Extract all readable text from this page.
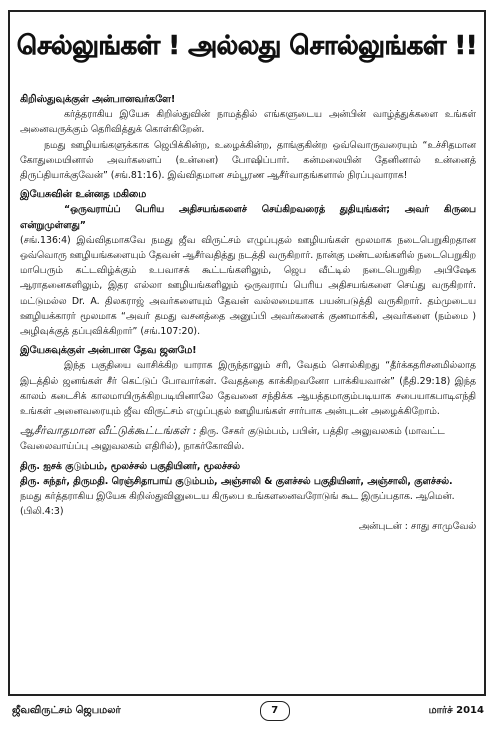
செல்லுங்கள் ! அல்லது சொல்லுங்கள் !!

கிறிஸ்துவுக்குள் அன்பானவர்களே!

கர்த்தராகிய இயேசு கிறிஸ்துவின் நாமத்தில் எங்களுடைய அன்பின் வாழ்த்துக்களை உங்கள் அனைவருக்கும் தெரிவித்துக் கொள்கிறேன்.

நமது ஊழியங்களுக்காக ஜெபிக்கின்ற, உழைக்கின்ற, தாங்குகின்ற ஒவ்வொருவரையும் “உச்சிதமான கோதுமையினால் அவர்களைப் (உன்னை) போஷிப்பார். கன்மலையின் தேனினால் உன்னைத் திருப்தியாக்குவேன்” (சங்.81:16). இவ்விதமான சம்பூரண ஆசீர்வாதங்களால் நிரப்புவாராக!

இயேசுவின் உன்னத மகிமை

“ஒருவராய்ப் பெரிய அதிசயங்களைச் செய்கிறவரைத் துதியுங்கள்; அவர் கிருபை என்றுமுள்ளது”

(சங்.136:4) இவ்விதமாகவே நமது ஜீவ விருட்சம் எழுப்புதல் ஊழியங்கள் மூலமாக நடைபெறுகிறதான ஒவ்வொரு ஊழியங்களையும் தேவன் ஆசீர்வதித்து நடத்தி வருகிறார். நான்கு மண்டலங்களில் நடைபெறுகிற மாபெரும் கட்டவிழ்க்கும் உபவாசக் கூட்டங்களிலும், ஜெப வீட்டில் நடைபெறுகிற அபிஷேக ஆராதனைகளிலும், இதர எல்லா ஊழியங்களிலும் ஒருவராய் பெரிய அதிசயங்களை செய்து வருகிறார். மட்டுமல்ல Dr. A. திலகராஜ் அவர்களையும் தேவன் வல்லமையாக பயன்படுத்தி வருகிறார். தம்முடைய ஊழியக்காரர் மூலமாக “அவர் தமது வசனத்தை அனுப்பி அவர்களைக் குணமாக்கி, அவர்களை (நம்மை ) அழிவுக்குத் தப்புவிக்கிறார்” (சங்.107:20).

இயேசுவுக்குள் அன்பான தேவ ஜனமே!

இந்த பகுதியை வாசிக்கிற யாராக இருந்தாலும் சரி, வேதம் சொல்கிறது “தீர்க்கதரிசனமில்லாத இடத்தில் ஜனங்கள் சீர் கெட்டுப் போவார்கள். வேதத்தை காக்கிறவனோ பாக்கியவான்” (நீதி.29:18) இந்த காலம் கடைசிக் காலமாயிருக்கிறபடியினாலே தேவனை சந்திக்க ஆயத்தமாகும்படியாக சபையாகபாடிஎந்தி உங்கள் அனைவரையும் ஜீவ விருட்சம் எழுப்புதல் ஊழியங்கள் சார்பாக அன்புடன் அழைக்கிறோம்.

ஆசீர்வாதமான வீட்டுக்கூட்டங்கள் : திரு. சேகர் குடும்பம், பபின், பத்திர அலுவலகம் (மாவட்ட வேலைவாய்ப்பு அலுவலகம் எதிரில்), நாகர்கோவில்.

திரு. ஐசக் குடும்பம், மூலச்சல் பகுதியினர், மூலச்சல்

திரு. சுந்தர், திருமதி. ரெஞ்சிதாபாய் குடும்பம், அஞ்சாலி & குளச்சல் பகுதியினர், அஞ்சாலி, குளச்சல்.

நமது கர்த்தராகிய இயேசு கிறிஸ்துவினுடைய கிருபை உங்களனைவரோடுங் கூட இருப்பதாக. ஆமென். (பிலி.4:3)

அன்புடன் : சாது சாமுவேல்

ஜீவவிருட்சம் ஜெபமலர்	7	மார்ச் 2014
